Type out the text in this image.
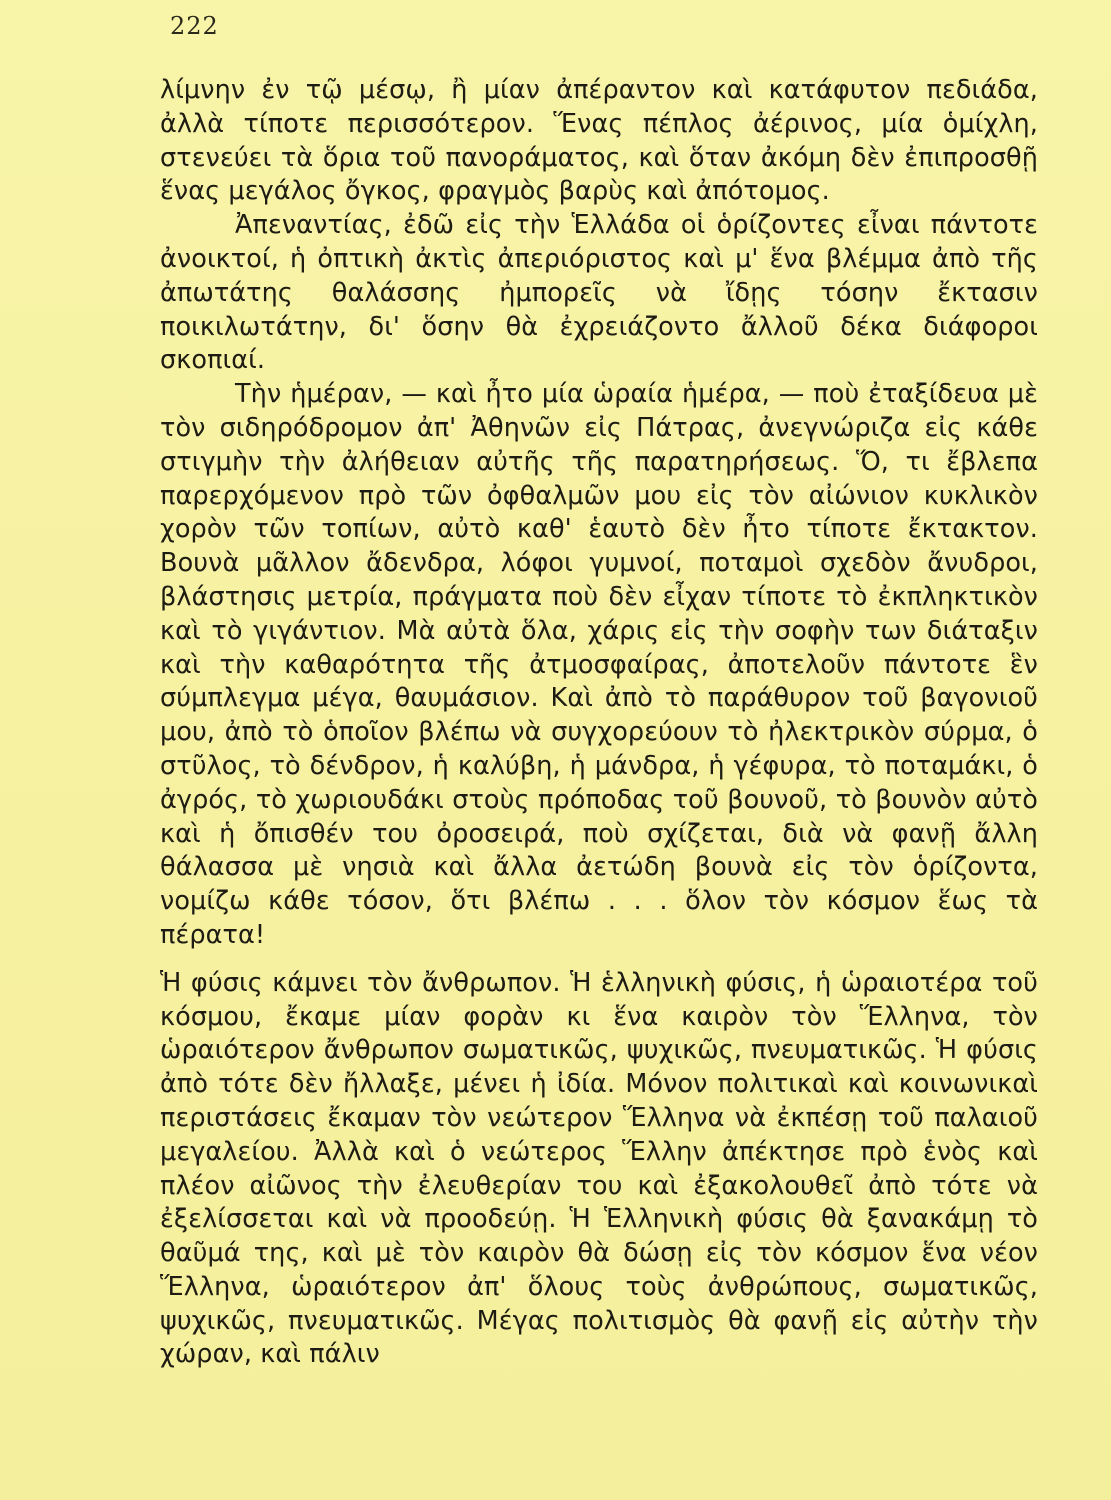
222

λίμνην ἐν τῷ μέσῳ, ἢ μίαν ἀπέραντον καὶ κατάφυτον πεδιάδα, ἀλλὰ τίποτε περισσότερον. Ἕνας πέπλος ἀέρινος, μία ὁμίχλη, στενεύει τὰ ὅρια τοῦ πανοράματος, καὶ ὅταν ἀκόμη δὲν ἐπιπροσθῇ ἕνας μεγάλος ὄγκος, φραγμὸς βαρὺς καὶ ἀπότομος.

Ἀπεναντίας, ἐδῶ εἰς τὴν Ἑλλάδα οἱ ὁρίζοντες εἶναι πάντοτε ἀνοικτοί, ἡ ὀπτικὴ ἀκτὶς ἀπεριόριστος καὶ μ' ἕνα βλέμμα ἀπὸ τῆς ἀπωτάτης θαλάσσης ἠμπορεῖς νὰ ἴδῃς τόσην ἔκτασιν ποικιλωτάτην, δι' ὅσην θὰ ἐχρειάζοντο ἄλλοῦ δέκα διάφοροι σκοπιαί.

Τὴν ἡμέραν, — καὶ ἦτο μία ὡραία ἡμέρα, — ποὺ ἐταξίδευα μὲ τὸν σιδηρόδρομον ἀπ' Ἀθηνῶν εἰς Πάτρας, ἀνεγνώριζα εἰς κάθε στιγμὴν τὴν ἀλήθειαν αὐτῆς τῆς παρατηρήσεως. Ὅ, τι ἔβλεπα παρερχόμενον πρὸ τῶν ὀφθαλμῶν μου εἰς τὸν αἰώνιον κυκλικὸν χορὸν τῶν τοπίων, αὐτὸ καθ' ἑαυτὸ δὲν ἦτο τίποτε ἔκτακτον. Βουνὰ μᾶλλον ἄδενδρα, λόφοι γυμνοί, ποταμοὶ σχεδὸν ἄνυδροι, βλάστησις μετρία, πράγματα ποὺ δὲν εἶχαν τίποτε τὸ ἐκπληκτικὸν καὶ τὸ γιγάντιον. Μὰ αὐτὰ ὅλα, χάρις εἰς τὴν σοφὴν των διάταξιν καὶ τὴν καθαρότητα τῆς ἀτμοσφαίρας, ἀποτελοῦν πάντοτε ἓν σύμπλεγμα μέγα, θαυμάσιον. Καὶ ἀπὸ τὸ παράθυρον τοῦ βαγονιοῦ μου, ἀπὸ τὸ ὁποῖον βλέπω νὰ συγχορεύουν τὸ ἠλεκτρικὸν σύρμα, ὁ στῦλος, τὸ δένδρον, ἡ καλύβη, ἡ μάνδρα, ἡ γέφυρα, τὸ ποταμάκι, ὁ ἀγρός, τὸ χωριουδάκι στοὺς πρόποδας τοῦ βουνοῦ, τὸ βουνὸν αὐτὸ καὶ ἡ ὄπισθέν του ὀροσειρά, ποὺ σχίζεται, διὰ νὰ φανῇ ἄλλη θάλασσα μὲ νησιὰ καὶ ἄλλα ἀετώδη βουνὰ εἰς τὸν ὁρίζοντα, νομίζω κάθε τόσον, ὅτι βλέπω . . . ὅλον τὸν κόσμον ἕως τὰ πέρατα!

Ἡ φύσις κάμνει τὸν ἄνθρωπον. Ἡ ἑλληνικὴ φύσις, ἡ ὡραιοτέρα τοῦ κόσμου, ἔκαμε μίαν φορὰν κι ἕνα καιρὸν τὸν Ἕλληνα, τὸν ὡραιότερον ἄνθρωπον σωματικῶς, ψυχικῶς, πνευματικῶς. Ἡ φύσις ἀπὸ τότε δὲν ἤλλαξε, μένει ἡ ἰδία. Μόνον πολιτικαὶ καὶ κοινωνικαὶ περιστάσεις ἔκαμαν τὸν νεώτερον Ἕλληνα νὰ ἐκπέσῃ τοῦ παλαιοῦ μεγαλείου. Ἀλλὰ καὶ ὁ νεώτερος Ἕλλην ἀπέκτησε πρὸ ἑνὸς καὶ πλέον αἰῶνος τὴν ἐλευθερίαν του καὶ ἐξακολουθεῖ ἀπὸ τότε νὰ ἐξελίσσεται καὶ νὰ προοδεύῃ. Ἡ Ἑλληνικὴ φύσις θὰ ξανακάμῃ τὸ θαῦμά της, καὶ μὲ τὸν καιρὸν θὰ δώσῃ εἰς τὸν κόσμον ἕνα νέον Ἕλληνα, ὡραιότερον ἀπ' ὅλους τοὺς ἀνθρώπους, σωματικῶς, ψυχικῶς, πνευματικῶς. Μέγας πολιτισμὸς θὰ φανῇ εἰς αὐτὴν τὴν χώραν, καὶ πάλιν
